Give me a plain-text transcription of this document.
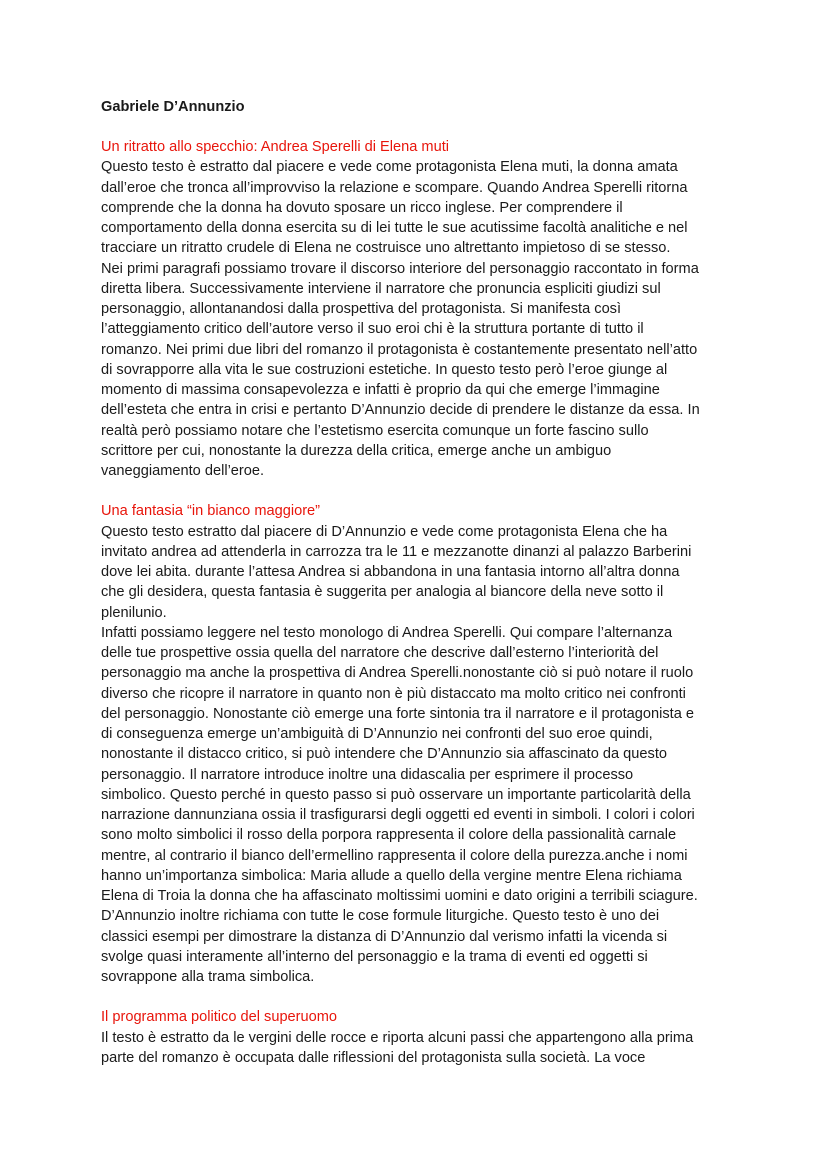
Gabriele D’Annunzio
Un ritratto allo specchio: Andrea Sperelli di Elena muti

Questo testo è estratto dal piacere e vede come protagonista Elena muti, la donna amata
dall’eroe che tronca all’improvviso la relazione e scompare. Quando Andrea Sperelli ritorna
comprende che la donna ha dovuto sposare un ricco inglese. Per comprendere il
comportamento della donna esercita su di lei tutte le sue acutissime facoltà analitiche e nel
tracciare un ritratto crudele di Elena ne costruisce uno altrettanto impietoso di se stesso.

Nei primi paragrafi possiamo trovare il discorso interiore del personaggio raccontato in forma
diretta libera. Successivamente interviene il narratore che pronuncia espliciti giudizi sul
personaggio, allontanandosi dalla prospettiva del protagonista. Si manifesta così
l’atteggiamento critico dell’autore verso il suo eroi chi è la struttura portante di tutto il
romanzo. Nei primi due libri del romanzo il protagonista è costantemente presentato nell’atto
di sovrapporre alla vita le sue costruzioni estetiche. In questo testo però l’eroe giunge al
momento di massima consapevolezza e infatti è proprio da qui che emerge l’immagine
dell’esteta che entra in crisi e pertanto D’Annunzio decide di prendere le distanze da essa. In
realtà però possiamo notare che l’estetismo esercita comunque un forte fascino sullo
scrittore per cui, nonostante la durezza della critica, emerge anche un ambiguo
vaneggiamento dell’eroe.

Una fantasia “in bianco maggiore”

Questo testo estratto dal piacere di D’Annunzio e vede come protagonista Elena che ha
invitato andrea ad attenderla in carrozza tra le 11 e mezzanotte dinanzi al palazzo Barberini
dove lei abita. durante l’attesa Andrea si abbandona in una fantasia intorno all’altra donna
che gli desidera, questa fantasia è suggerita per analogia al biancore della neve sotto il
plenilunio.

Infatti possiamo leggere nel testo monologo di Andrea Sperelli. Qui compare l’alternanza
delle tue prospettive ossia quella del narratore che descrive dall’esterno l’interiorità del
personaggio ma anche la prospettiva di Andrea Sperelli.nonostante ciò si può notare il ruolo
diverso che ricopre il narratore in quanto non è più distaccato ma molto critico nei confronti
del personaggio. Nonostante ciò emerge una forte sintonia tra il narratore e il protagonista e
di conseguenza emerge un’ambiguità di D’Annunzio nei confronti del suo eroe quindi,
nonostante il distacco critico, si può intendere che D’Annunzio sia affascinato da questo
personaggio. Il narratore introduce inoltre una didascalia per esprimere il processo
simbolico. Questo perché in questo passo si può osservare un importante particolarità della
narrazione dannunziana ossia il trasfigurarsi degli oggetti ed eventi in simboli. I colori i colori
sono molto simbolici il rosso della porpora rappresenta il colore della passionalità carnale
mentre, al contrario il bianco dell’ermellino rappresenta il colore della purezza.anche i nomi
hanno un’importanza simbolica: Maria allude a quello della vergine mentre Elena richiama
Elena di Troia la donna che ha affascinato moltissimi uomini e dato origini a terribili sciagure.
D’Annunzio inoltre richiama con tutte le cose formule liturgiche. Questo testo è uno dei
classici esempi per dimostrare la distanza di D’Annunzio dal verismo infatti la vicenda si
svolge quasi interamente all’interno del personaggio e la trama di eventi ed oggetti si
sovrappone alla trama simbolica.

Il programma politico del superuomo

Il testo è estratto da le vergini delle rocce e riporta alcuni passi che appartengono alla prima
parte del romanzo è occupata dalle riflessioni del protagonista sulla società. La voce
